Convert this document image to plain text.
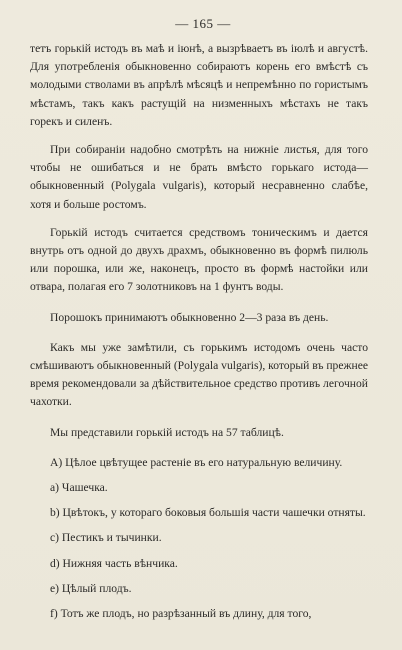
— 165 —

тетъ горькій истодъ въ маѣ и іюнѣ, а вызрѣваетъ въ іюлѣ и августѣ. Для употребленія обыкновенно собираютъ корень его вмѣстѣ съ молодыми стволами въ апрѣлѣ мѣсяцѣ и непремѣнно по гористымъ мѣстамъ, такъ какъ растущій на низменныхъ мѣстахъ не такъ горекъ и силенъ.

При собираніи надобно смотрѣть на нижніе листья, для того чтобы не ошибаться и не брать вмѣсто горькаго истода—обыкновенный (Polygala vulgaris), который несравненно слабѣе, хотя и больше ростомъ.

Горькій истодъ считается средствомъ тоническимъ и дается внутрь отъ одной до двухъ драхмъ, обыкновенно въ формѣ пилюль или порошка, или же, наконецъ, просто въ формѣ настойки или отвара, полагая его 7 золотниковъ на 1 фунтъ воды.

Порошокъ принимаютъ обыкновенно 2—3 раза въ день.

Какъ мы уже замѣтили, съ горькимъ истодомъ очень часто смѣшиваютъ обыкновенный (Polygala vulgaris), который въ прежнее время рекомендовали за дѣйствительное средство противъ легочной чахотки.

Мы представили горькій истодъ на 57 таблицѣ.

A) Цѣлое цвѣтущее растеніе въ его натуральную величину.

a) Чашечка.

b) Цвѣтокъ, у котораго боковыя большія части чашечки отняты.

c) Пестикъ и тычинки.

d) Нижняя часть вѣнчика.

e) Цѣлый плодъ.

f) Тотъ же плодъ, но разрѣзанный въ длину, для того,
